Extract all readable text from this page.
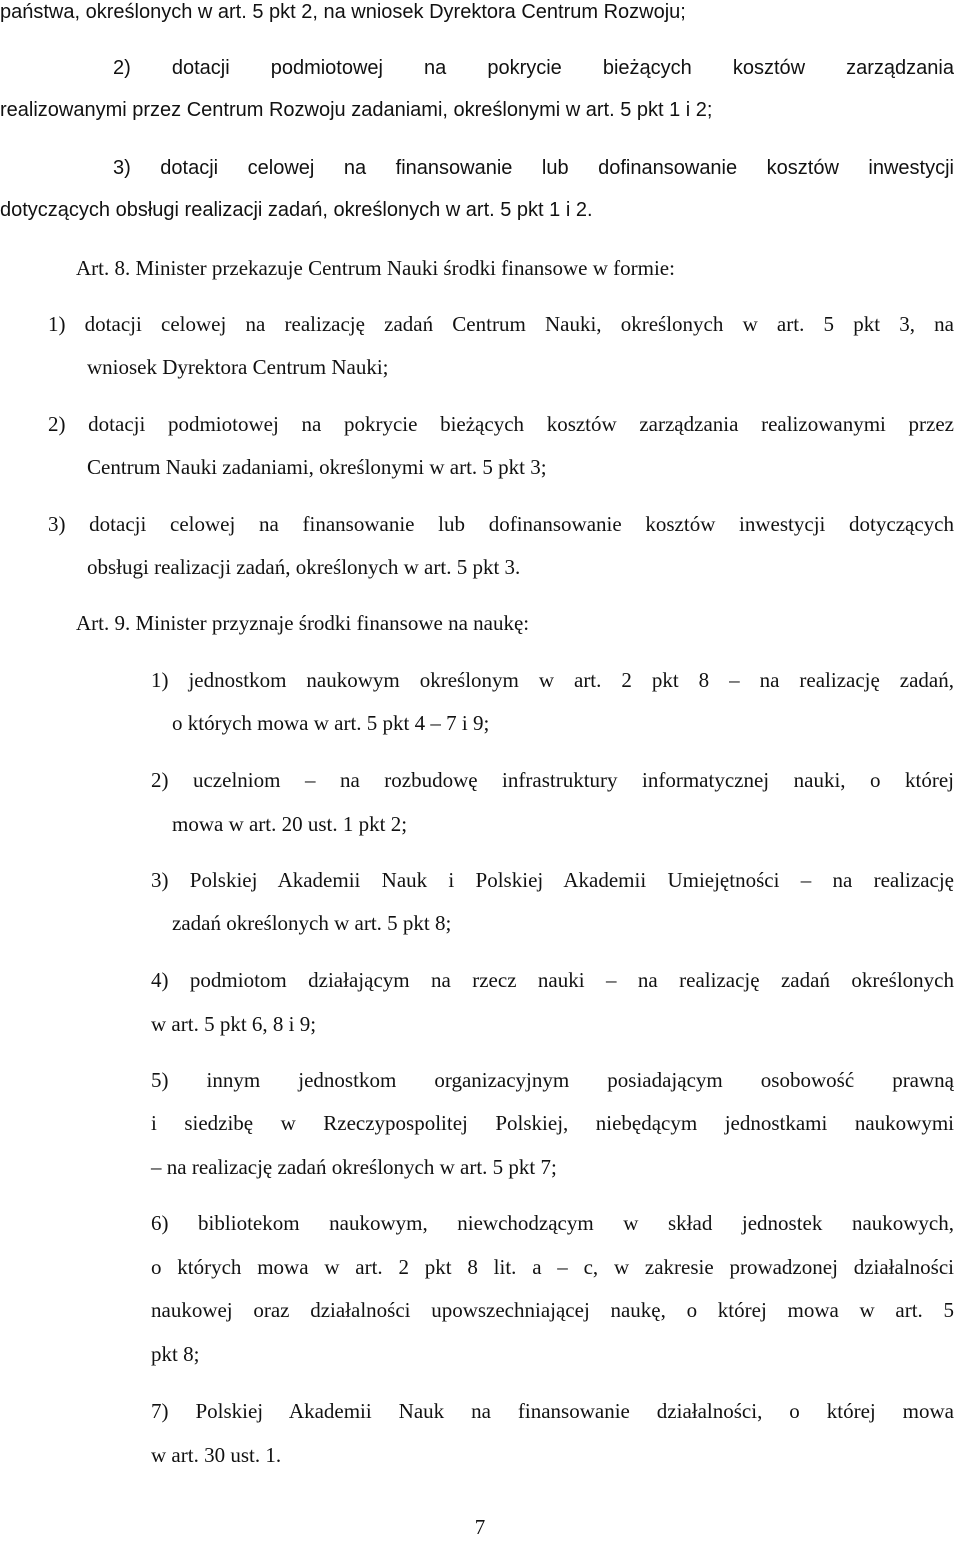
państwa, określonych w art. 5 pkt 2, na wniosek Dyrektora Centrum Rozwoju;
2) dotacji podmiotowej na pokrycie bieżących kosztów zarządzania
realizowanymi przez Centrum Rozwoju zadaniami, określonymi w art. 5 pkt 1 i 2;
3) dotacji celowej na finansowanie lub dofinansowanie kosztów inwestycji
dotyczących obsługi realizacji zadań, określonych w art. 5 pkt 1 i 2.
Art. 8. Minister przekazuje Centrum Nauki środki finansowe w formie:
1) dotacji celowej na realizację zadań Centrum Nauki, określonych w art. 5 pkt 3, na
wniosek Dyrektora Centrum Nauki;
2) dotacji podmiotowej na pokrycie bieżących kosztów zarządzania realizowanymi przez
Centrum Nauki zadaniami, określonymi w art. 5 pkt 3;
3) dotacji celowej na finansowanie lub dofinansowanie kosztów inwestycji dotyczących
obsługi realizacji zadań, określonych w art. 5 pkt 3.
Art. 9. Minister przyznaje środki finansowe na naukę:
1) jednostkom naukowym określonym w art. 2 pkt 8 – na realizację zadań,
o których mowa w art. 5 pkt 4 – 7 i 9;
2) uczelniom – na rozbudowę infrastruktury informatycznej nauki, o której
mowa w art. 20 ust. 1 pkt 2;
3) Polskiej Akademii Nauk i Polskiej Akademii Umiejętności – na realizację
zadań określonych w art. 5 pkt 8;
4) podmiotom działającym na rzecz nauki – na realizację zadań określonych
w art. 5 pkt 6, 8 i 9;
5) innym jednostkom organizacyjnym posiadającym osobowość prawną
i siedzibę w Rzeczypospolitej Polskiej, niebędącym jednostkami naukowymi
– na realizację zadań określonych w art. 5 pkt 7;
6) bibliotekom naukowym, niewchodzącym w skład jednostek naukowych,
o których mowa w art. 2 pkt 8 lit. a – c, w zakresie prowadzonej działalności
naukowej oraz działalności upowszechniającej naukę, o której mowa w art. 5
pkt 8;
7) Polskiej Akademii Nauk na finansowanie działalności, o której mowa
w art. 30 ust. 1.
7
